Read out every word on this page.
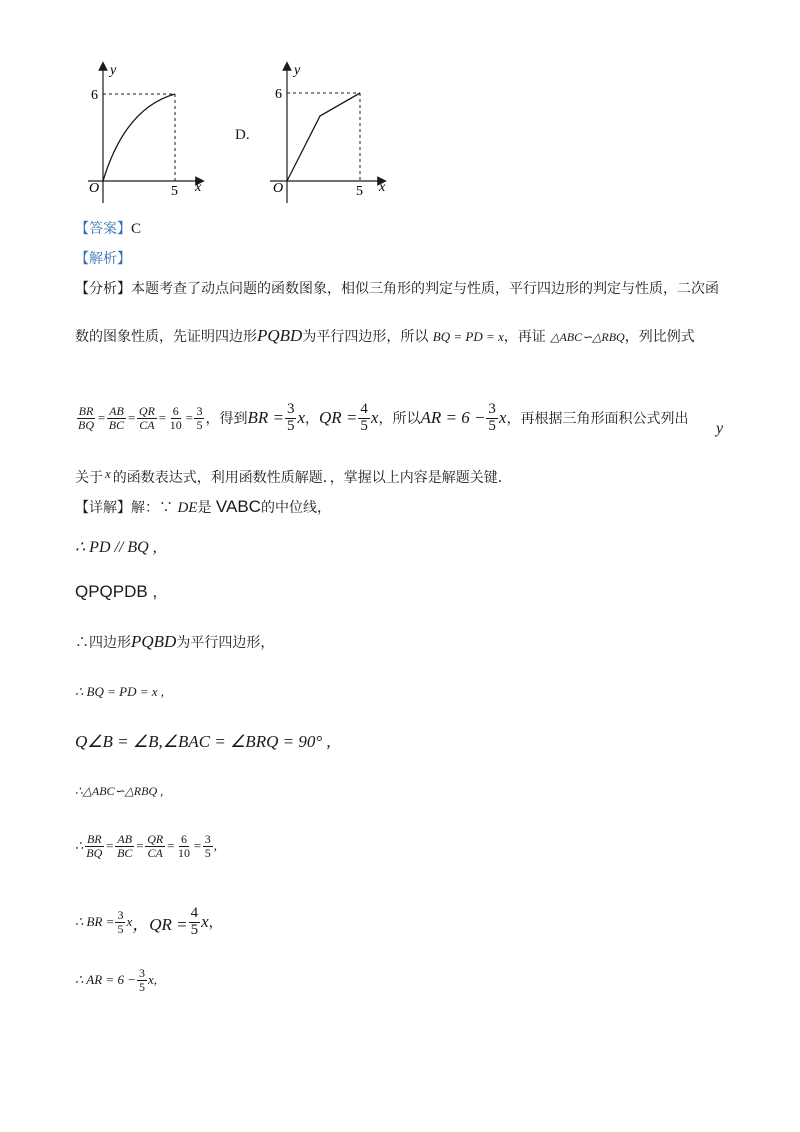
y
x
O
6
5
D.
y
x
O
6
5
【答案】C
【解析】
【分析】本题考查了动点问题的函数图象，相似三角形的判定与性质，平行四边形的判定与性质，二次函
数的图象性质，先证明四边形PQBD为平行四边形，所以 BQ = PD = x，再证 △ABC∽△RBQ，列比例式
$\frac{BR}{BQ} = \frac{AB}{BC} = \frac{QR}{CA} = \frac{6}{10} = \frac{3}{5}$ ，得到 BR = $\frac{3}{5}$ x ， QR = $\frac{4}{5}$ x ，所以 AR = $6 - \frac{3}{5}$ x ，再根据三角形面积公式列出
y
关于 x 的函数表达式，利用函数性质解题．，掌握以上内容是解题关键．
【详解】解：∵ DE是 VABC的中位线，
∴ PD // BQ ,
QPQPDB ,
∴四边形PQBD为平行四边形，
∴ BQ = PD = x ,
Q∠B = ∠B,∠BAC = ∠BRQ = 90° ,
∴△ABC∽△RBQ ,
∴ $\frac{BR}{BQ} = \frac{AB}{BC} = \frac{QR}{CA} = \frac{6}{10} = \frac{3}{5}$ ,
∴ BR = $\frac{3}{5}$ x ，QR = $\frac{4}{5}$ x ，
∴ AR = $6 - \frac{3}{5}$ x ,
